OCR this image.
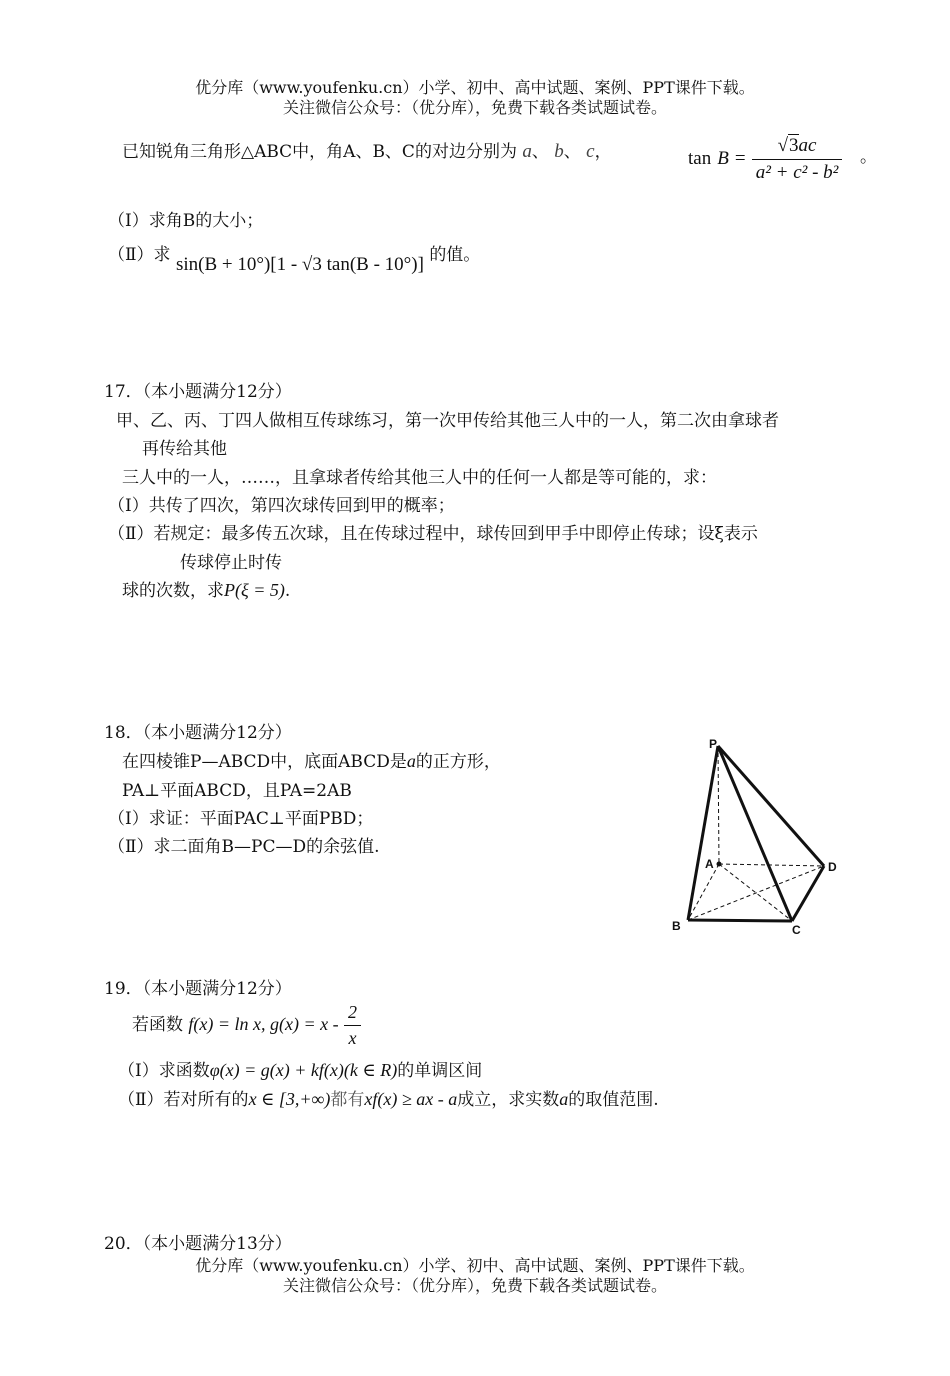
优分库（www.youfenku.cn）小学、初中、高中试题、案例、PPT课件下载。
关注微信公众号：（优分库），免费下载各类试题试卷。
已知锐角三角形△ABC中，角A、B、C的对边分别为 a、 b、 c，	$\tan B = \frac{√3ac}{\text{a² + c² - b²}}$ 。
（Ⅰ）求角B的大小；
（Ⅱ）求 sin(B + 10°)[1 - √3 tan(B - 10°)] 的值。
17．（本小题满分12分）
甲、乙、丙、丁四人做相互传球练习，第一次甲传给其他三人中的一人，第二次由拿球者
再传给其他
三人中的一人，……，且拿球者传给其他三人中的任何一人都是等可能的，求：
（Ⅰ）共传了四次，第四次球传回到甲的概率；
（Ⅱ）若规定：最多传五次球，且在传球过程中，球传回到甲手中即停止传球；设ξ表示
传球停止时传
球的次数，求P(ξ = 5).
18．（本小题满分12分）
在四棱锥P—ABCD中，底面ABCD是a的正方形，
PA⊥平面ABCD，且PA=2AB
（Ⅰ）求证：平面PAC⊥平面PBD；
（Ⅱ）求二面角B—PC—D的余弦值.
P
A
B	C
D
19．（本小题满分12分）
若函数 f(x) = ln x, $g(x) = x - \frac{2}{x}$
（Ⅰ）求函数φ(x) = g(x) + kf(x)(k ∈ R)的单调区间
（Ⅱ）若对所有的x ∈ [3,+∞)都有xf(x) ≥ ax - a成立，求实数a的取值范围.
20．（本小题满分13分）
优分库（www.youfenku.cn）小学、初中、高中试题、案例、PPT课件下载。
关注微信公众号：（优分库），免费下载各类试题试卷。
